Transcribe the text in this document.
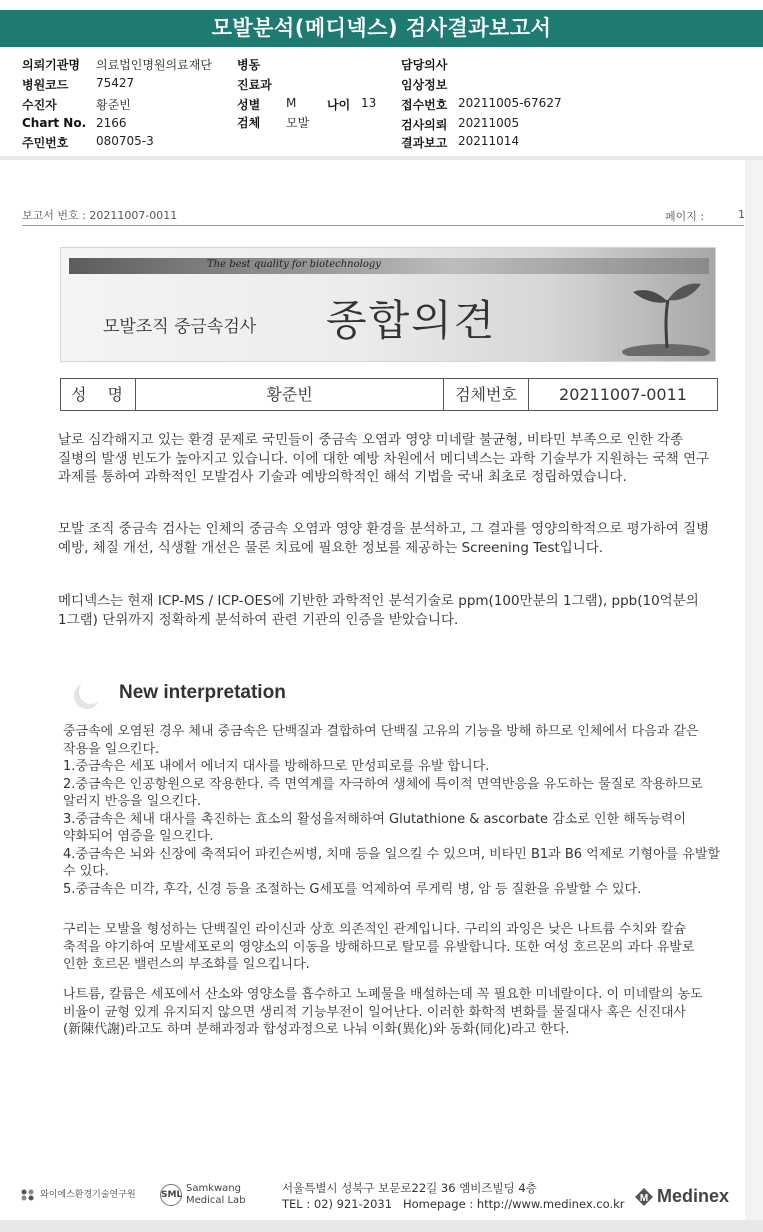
모발분석(메디넥스) 검사결과보고서
의뢰기관명 의료법인명원의료재단 병동	담당의사
병원코드 75427	진료과	임상정보
수진자	황준빈	성별 M	나이 13 접수번호 20211005-67627
Chart No. 2166	검체 모발	검사의뢰 20211005
주민번호 080705-3	결과보고 20211014
보고서 번호 : 20211007-0011	페이지 :	1
The best quality for biotechnology
모발조직 중금속검사 종합의견
성 명	황준빈	검체번호	20211007-0011

날로 심각해지고 있는 환경 문제로 국민들이 중금속 오염과 영양 미네랄 불균형, 비타민 부족으로 인한 각종 질병의 발생 빈도가 높아지고 있습니다. 이에 대한 예방 차원에서 메디넥스는 과학 기술부가 지원하는 국책 연구 과제를 통하여 과학적인 모발검사 기술과 예방의학적인 해석 기법을 국내 최초로 정립하였습니다.

모발 조직 중금속 검사는 인체의 중금속 오염과 영양 환경을 분석하고, 그 결과를 영양의학적으로 평가하여 질병 예방, 체질 개선, 식생활 개선은 물론 치료에 필요한 정보를 제공하는 Screening Test입니다.

메디넥스는 현재 ICP-MS / ICP-OES에 기반한 과학적인 분석기술로 ppm(100만분의 1그램), ppb(10억분의 1그램) 단위까지 정확하게 분석하여 관련 기관의 인증을 받았습니다.

New interpretation
중금속에 오염된 경우 체내 중금속은 단백질과 결합하여 단백질 고유의 기능을 방해 하므로 인체에서 다음과 같은 작용을 일으킨다.
1.중금속은 세포 내에서 에너지 대사를 방해하므로 만성피로를 유발 합니다.
2.중금속은 인공항원으로 작용한다. 즉 면역계를 자극하여 생체에 특이적 면역반응을 유도하는 물질로 작용하므로 알러지 반응을 일으킨다.
3.중금속은 체내 대사를 촉진하는 효소의 활성을저해하여 Glutathione & ascorbate 감소로 인한 해독능력이 약화되어 염증을 일으킨다.
4.중금속은 뇌와 신장에 축적되어 파킨슨씨병, 치매 등을 일으킬 수 있으며, 비타민 B1과 B6 억제로 기형아를 유발할 수 있다.
5.중금속은 미각, 후각, 신경 등을 조절하는 G세포를 억제하여 루게릭 병, 암 등 질환을 유발할 수 있다.

구리는 모발을 형성하는 단백질인 라이신과 상호 의존적인 관계입니다. 구리의 과잉은 낮은 나트륨 수치와 칼슘 축적을 야기하여 모발세포로의 영양소의 이동을 방해하므로 탈모를 유발합니다. 또한 여성 호르몬의 과다 유발로 인한 호르몬 밸런스의 부조화를 일으킵니다.

나트륨, 칼륨은 세포에서 산소와 영양소를 흡수하고 노폐물을 배설하는데 꼭 필요한 미네랄이다. 이 미네랄의 농도 비율이 균형 있게 유지되지 않으면 생리적 기능부전이 일어난다. 이러한 화학적 변화를 물질대사 혹은 신진대사(新陳代謝)라고도 하며 분해과정과 합성과정으로 나눠 이화(異化)와 동화(同化)라고 한다.

와이에스환경기술연구원	SMLSamkwang
Medical Lab
서울특별시 성북구 보문로22길 36 엠비즈빌딩 4층
TEL : 02) 921-2031 Homepage : http://www.medinex.co.kr M Medinex
